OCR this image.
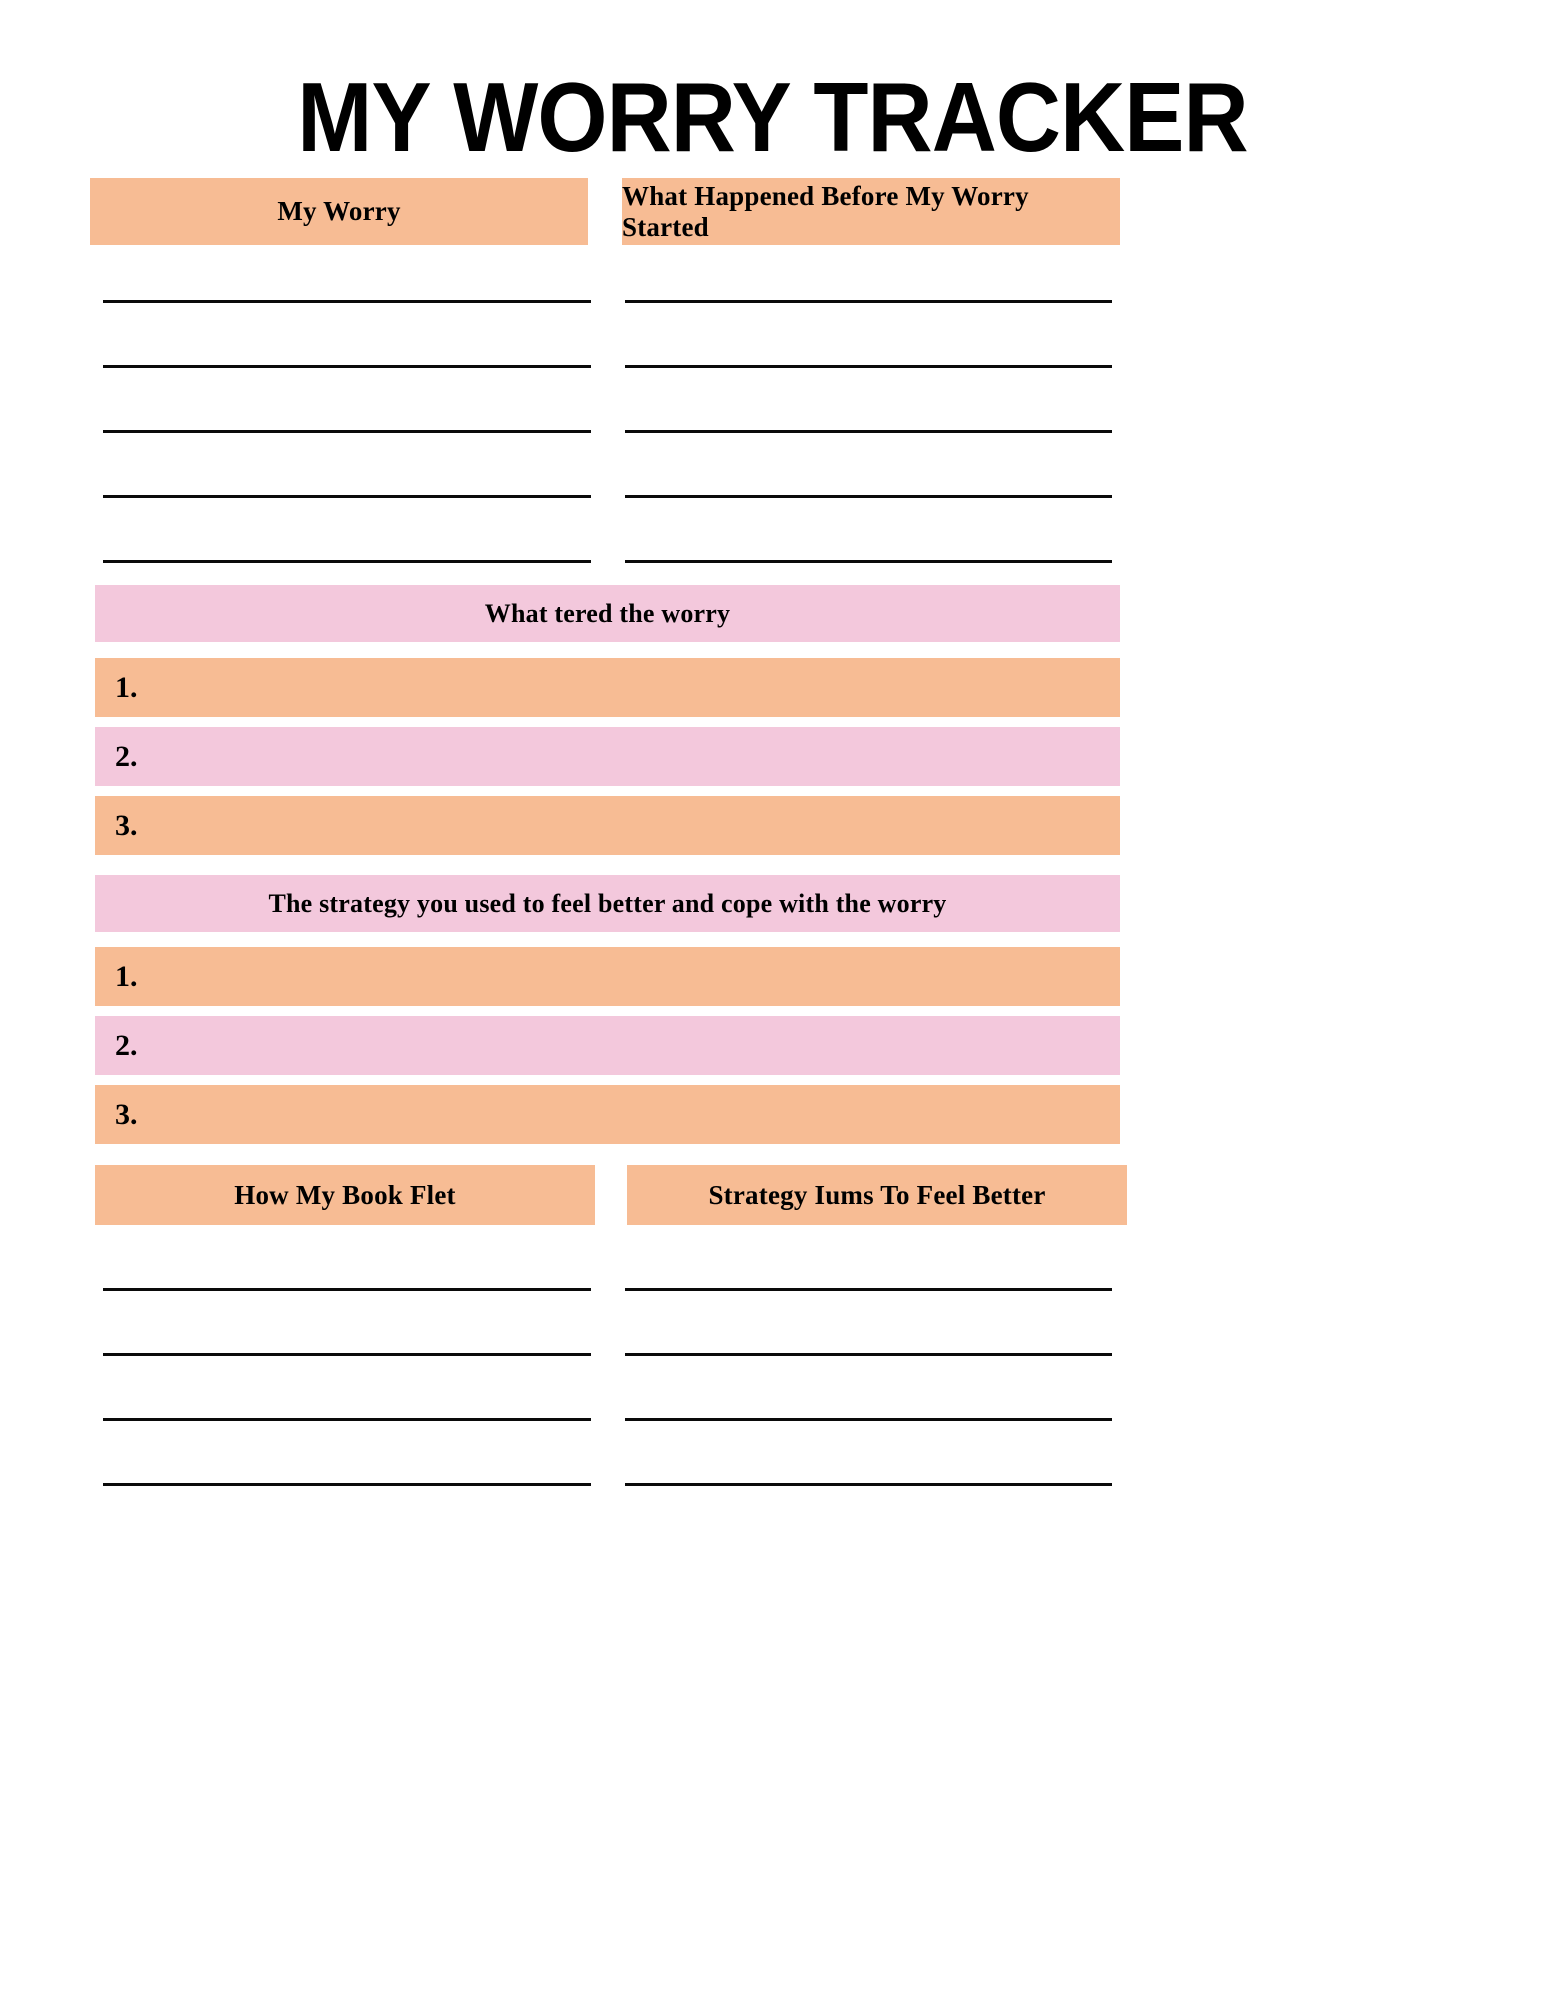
MY WORRY TRACKER
My Worry
What Happened Before My Worry Started
What tered the worry
1.
2.
3.
The strategy you used to feel better and cope with the worry
1.
2.
3.
How My Book Flet	Strategy Iums To Feel Better
